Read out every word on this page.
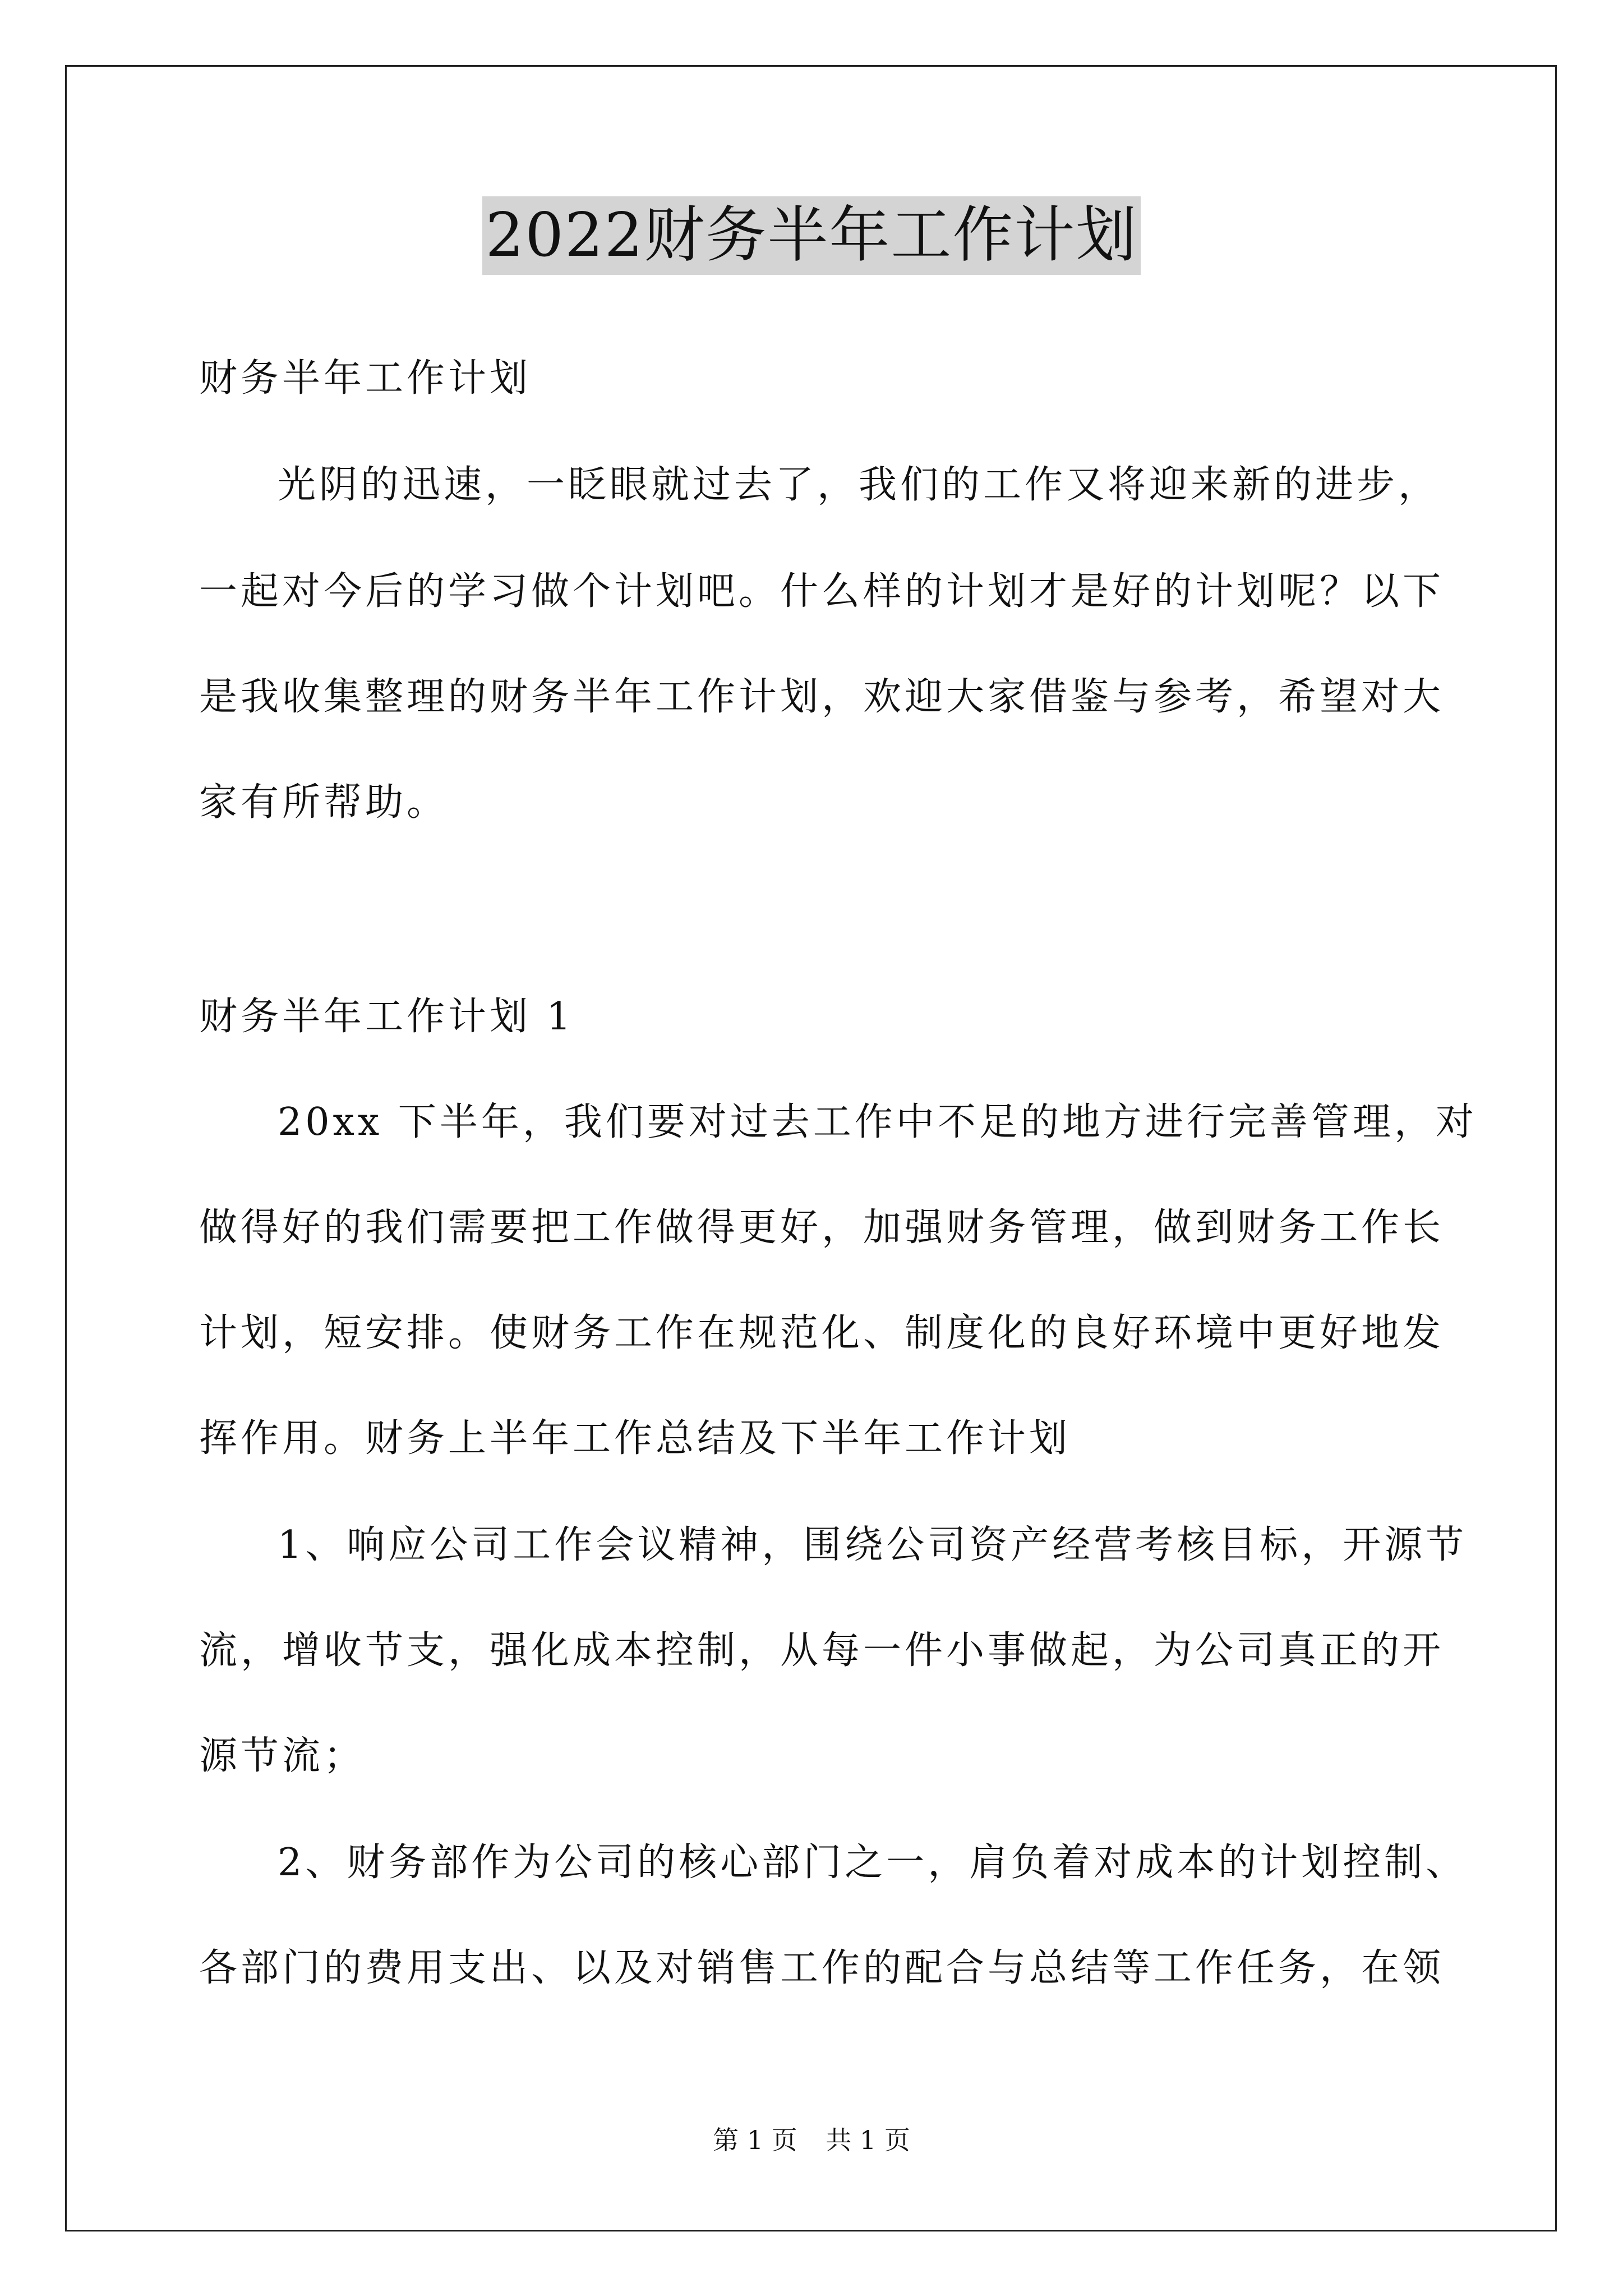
2022财务半年工作计划
财务半年工作计划
光阴的迅速，一眨眼就过去了，我们的工作又将迎来新的进步，
一起对今后的学习做个计划吧。什么样的计划才是好的计划呢？以下
是我收集整理的财务半年工作计划，欢迎大家借鉴与参考，希望对大
家有所帮助。
财务半年工作计划 1
20xx 下半年，我们要对过去工作中不足的地方进行完善管理，对
做得好的我们需要把工作做得更好，加强财务管理，做到财务工作长
计划，短安排。使财务工作在规范化、制度化的良好环境中更好地发
挥作用。财务上半年工作总结及下半年工作计划
1、响应公司工作会议精神，围绕公司资产经营考核目标，开源节
流，增收节支，强化成本控制，从每一件小事做起，为公司真正的开
源节流；
2、财务部作为公司的核心部门之一，肩负着对成本的计划控制、
各部门的费用支出、以及对销售工作的配合与总结等工作任务，在领
第 1 页 共 1 页
